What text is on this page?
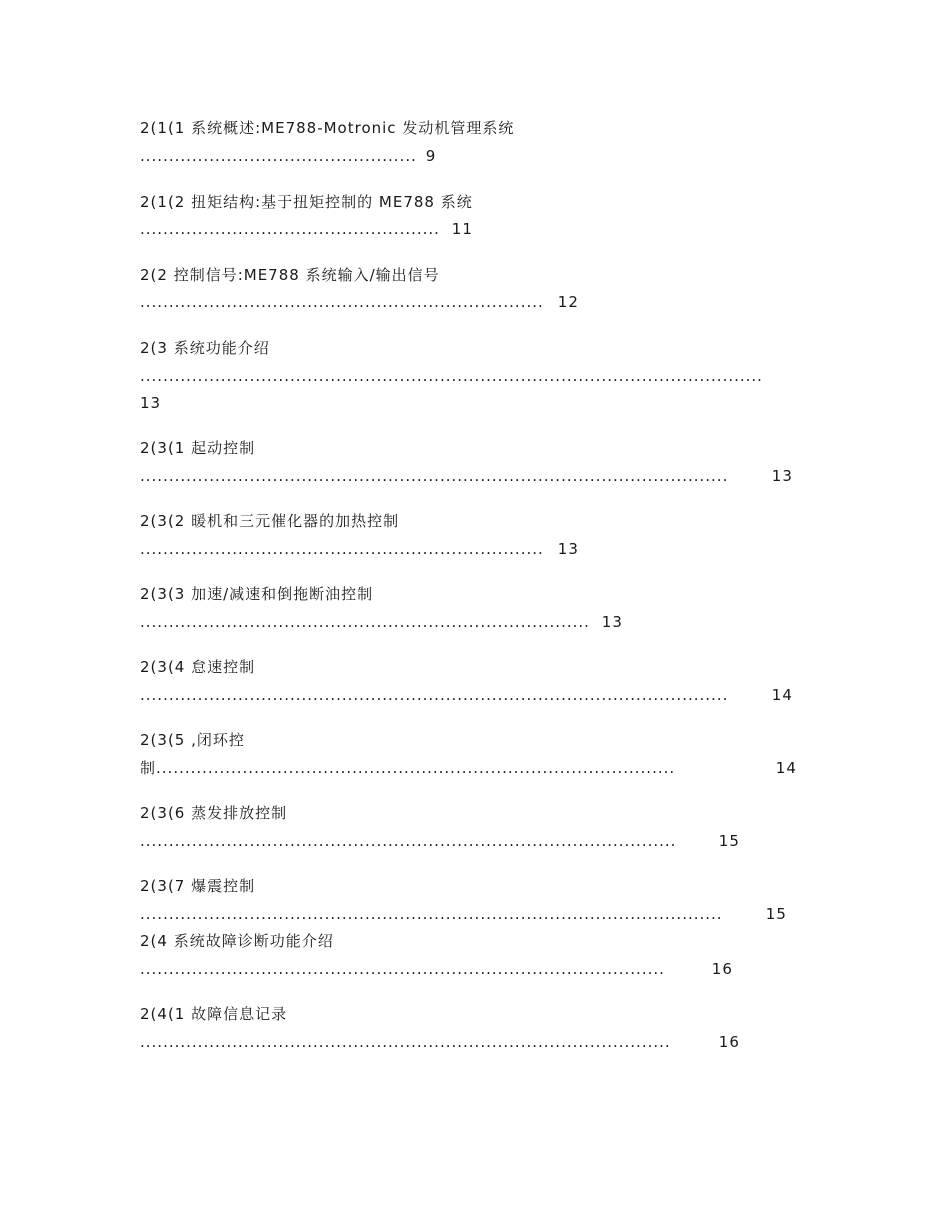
2(1(1 系统概述:ME788-Motronic 发动机管理系统
................................................ 9
2(1(2 扭矩结构:基于扭矩控制的 ME788 系统
.................................................... 11
2(2 控制信号:ME788 系统输入/输出信号
...................................................................... 12
2(3 系统功能介绍
............................................................................................................
13
2(3(1 起动控制
......................................................................................................	13
2(3(2 暖机和三元催化器的加热控制
...................................................................... 13
2(3(3 加速/减速和倒拖断油控制
.............................................................................. 13
2(3(4 怠速控制
......................................................................................................	14
2(3(5 ,闭环控
制..........................................................................................	14
2(3(6 蒸发排放控制
.............................................................................................	15
2(3(7 爆震控制
.....................................................................................................	15
2(4 系统故障诊断功能介绍
...........................................................................................	16
2(4(1 故障信息记录
............................................................................................	16
